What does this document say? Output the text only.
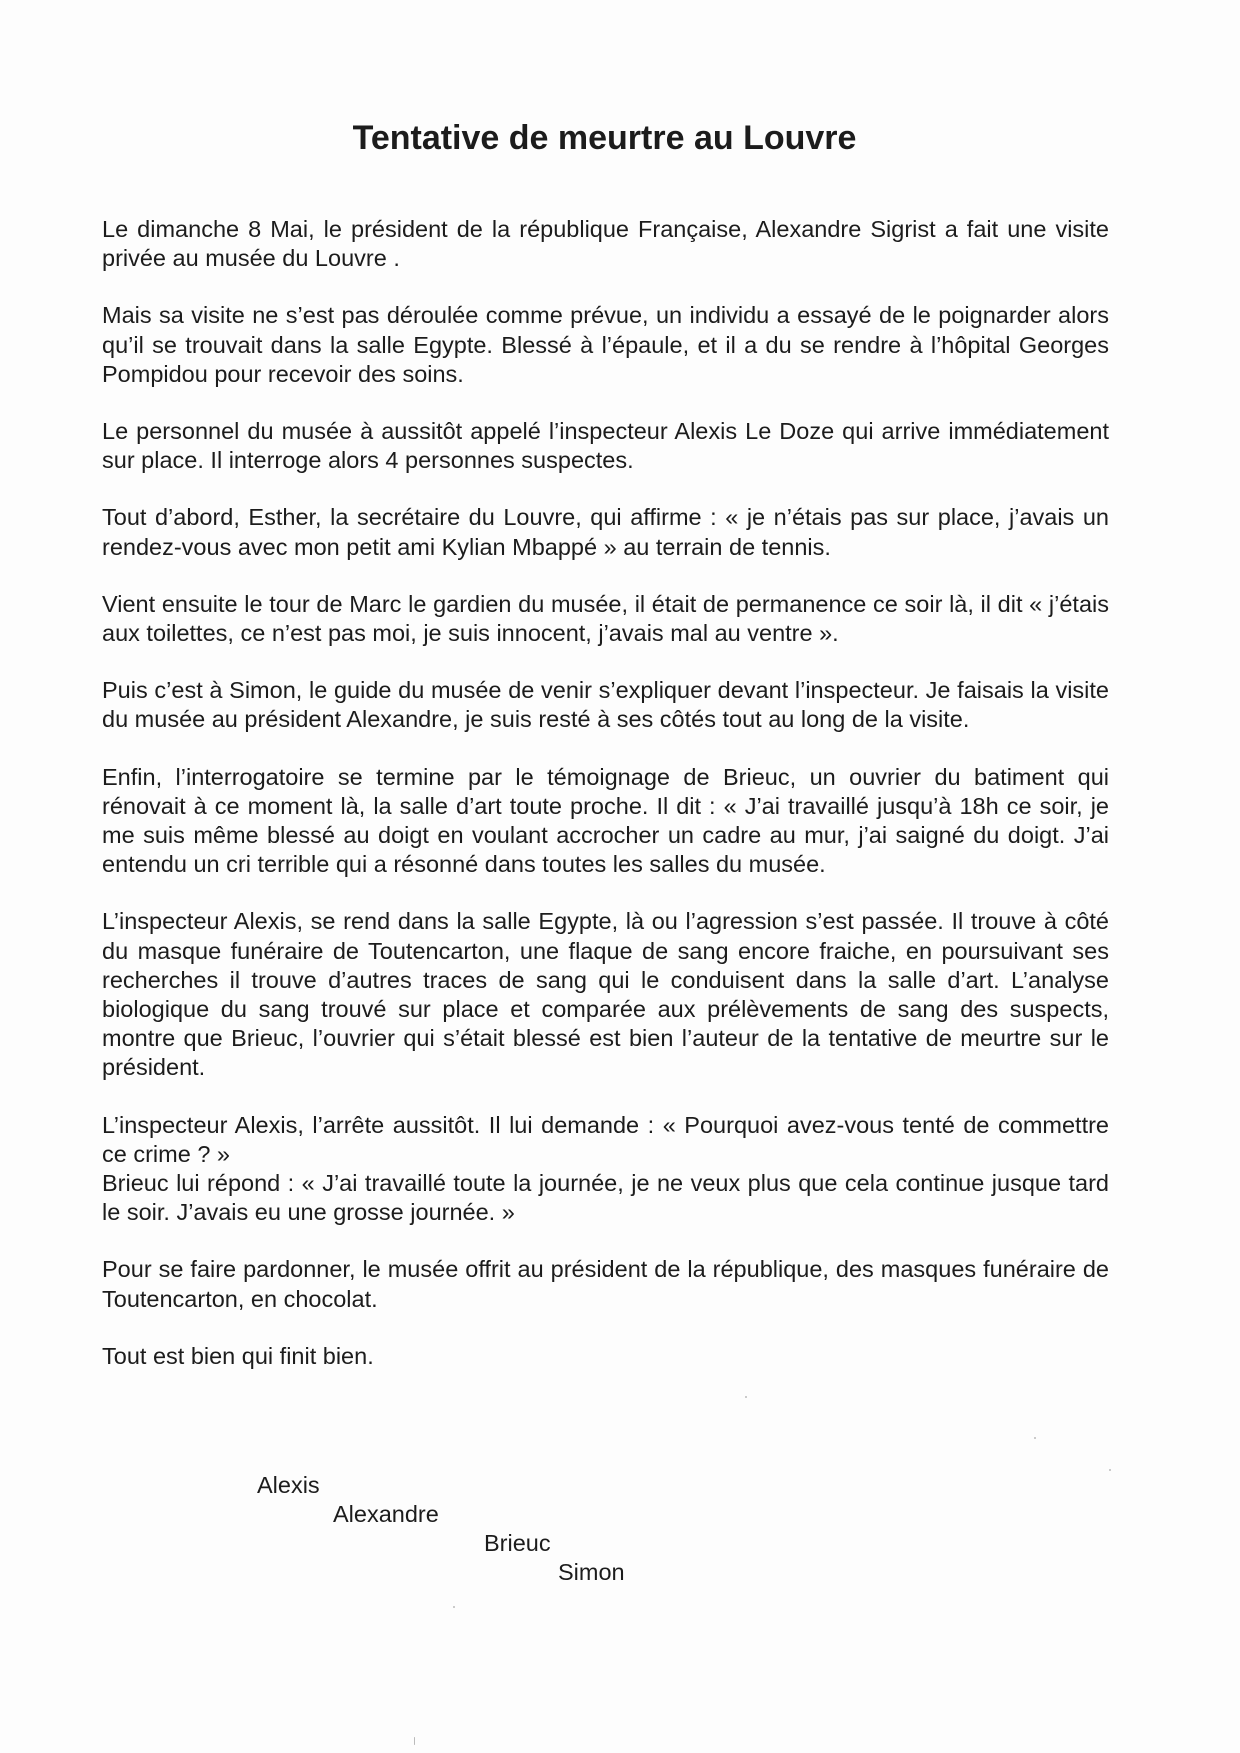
Tentative de meurtre au Louvre

Le dimanche 8 Mai, le président de la république Française, Alexandre Sigrist a fait une visite privée au musée du Louvre .

Mais sa visite ne s’est pas déroulée comme prévue, un individu a essayé de le poignarder alors qu’il se trouvait dans la salle Egypte. Blessé à l’épaule, et il a du se rendre à l’hôpital Georges Pompidou pour recevoir des soins.

Le personnel du musée à aussitôt appelé l’inspecteur Alexis Le Doze qui arrive immédiatement sur place. Il interroge alors 4 personnes suspectes.

Tout d’abord, Esther, la secrétaire du Louvre, qui affirme : « je n’étais pas sur place, j’avais un rendez-vous avec mon petit ami Kylian Mbappé » au terrain de tennis.

Vient ensuite le tour de Marc le gardien du musée, il était de permanence ce soir là, il dit « j’étais aux toilettes, ce n’est pas moi, je suis innocent, j’avais mal au ventre ».

Puis c’est à Simon, le guide du musée de venir s’expliquer devant l’inspecteur. Je faisais la visite du musée au président Alexandre, je suis resté à ses côtés tout au long de la visite.

Enfin, l’interrogatoire se termine par le témoignage de Brieuc, un ouvrier du batiment qui rénovait à ce moment là, la salle d’art toute proche. Il dit : « J’ai travaillé jusqu’à 18h ce soir, je me suis même blessé au doigt en voulant accrocher un cadre au mur, j’ai saigné du doigt. J’ai entendu un cri terrible qui a résonné dans toutes les salles du musée.

L’inspecteur Alexis, se rend dans la salle Egypte, là ou l’agression s’est passée. Il trouve à côté du masque funéraire de Toutencarton, une flaque de sang encore fraiche, en poursuivant ses recherches il trouve d’autres traces de sang qui le conduisent dans la salle d’art. L’analyse biologique du sang trouvé sur place et comparée aux prélèvements de sang des suspects, montre que Brieuc, l’ouvrier qui s’était blessé est bien l’auteur de la tentative de meurtre sur le président.

L’inspecteur Alexis, l’arrête aussitôt. Il lui demande : « Pourquoi avez-vous tenté de commettre ce crime ? »

Brieuc lui répond : « J’ai travaillé toute la journée, je ne veux plus que cela continue jusque tard le soir. J’avais eu une grosse journée. »

Pour se faire pardonner, le musée offrit au président de la république, des masques funéraire de Toutencarton, en chocolat.

Tout est bien qui finit bien.

Alexis
Alexandre
Brieuc
Simon
